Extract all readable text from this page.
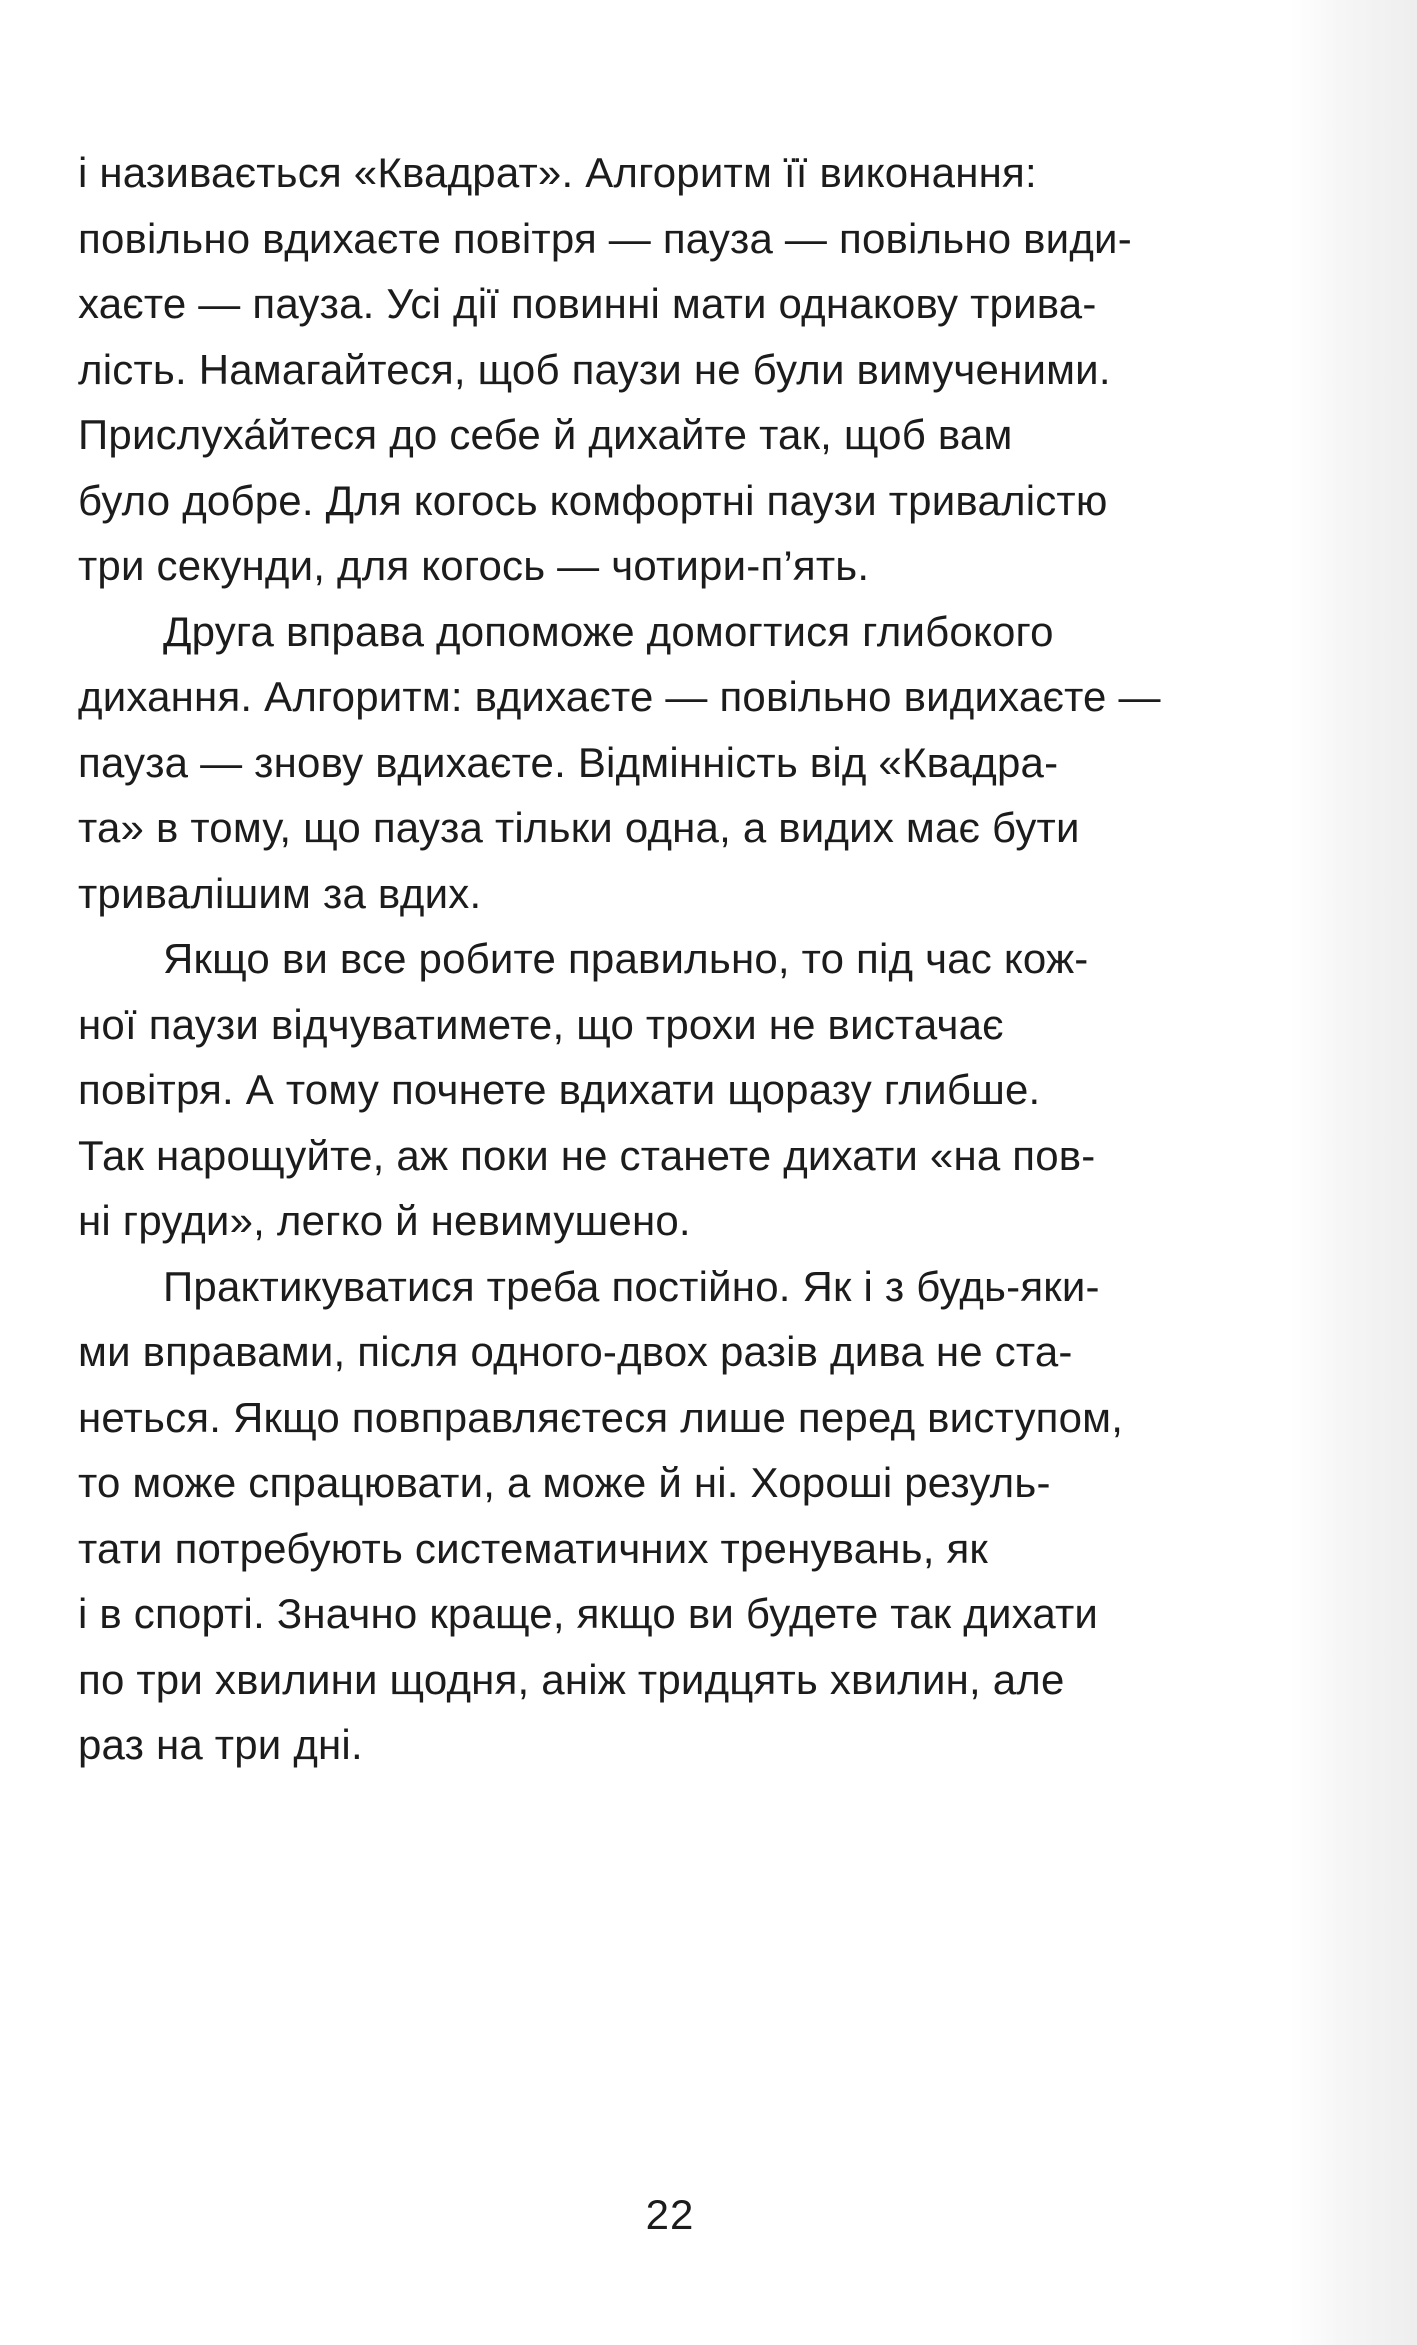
і називається «Квадрат». Алгоритм її виконання:
повільно вдихаєте повітря — пауза — повільно види-
хаєте — пауза. Усі дії повинні мати однакову трива-
лість. Намагайтеся, щоб паузи не були вимученими.
Прислуха́йтеся до себе й дихайте так, щоб вам
було добре. Для когось комфортні паузи тривалістю
три секунди, для когось — чотири-п’ять.
Друга вправа допоможе домогтися глибокого
дихання. Алгоритм: вдихаєте — повільно видихаєте —
пауза — знову вдихаєте. Відмінність від «Квадра-
та» в тому, що пауза тільки одна, а видих має бути
тривалішим за вдих.
Якщо ви все робите правильно, то під час кож-
ної паузи відчуватимете, що трохи не вистачає
повітря. А тому почнете вдихати щоразу глибше.
Так нарощуйте, аж поки не станете дихати «на пов-
ні груди», легко й невимушено.
Практикуватися треба постійно. Як і з будь-яки-
ми вправами, після одного-двох разів дива не ста-
неться. Якщо повправляєтеся лише перед виступом,
то може спрацювати, а може й ні. Хороші резуль-
тати потребують систематичних тренувань, як
і в спорті. Значно краще, якщо ви будете так дихати
по три хвилини щодня, аніж тридцять хвилин, але
раз на три дні.
22
